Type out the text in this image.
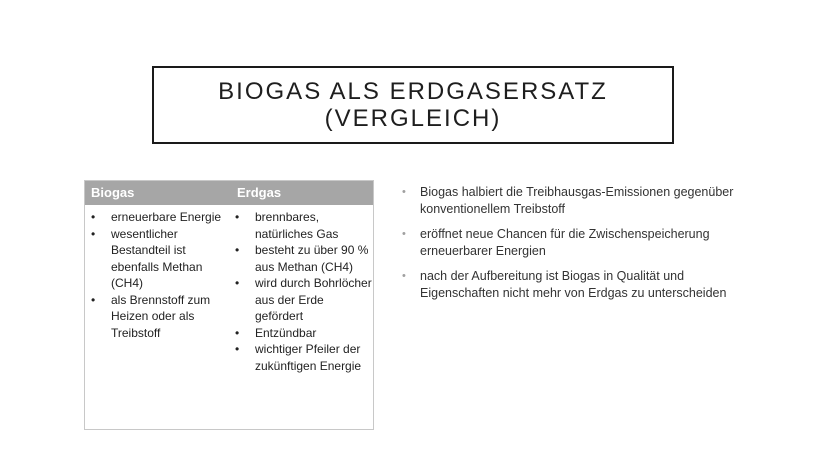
BIOGAS ALS ERDGASERSATZ
(VERGLEICH)
Biogas	Erdgas
• erneuerbare Energie
• wesentlicher Bestandteil ist ebenfalls Methan (CH4)
• als Brennstoff zum Heizen oder als Treibstoff
• brennbares, natürliches Gas
• besteht zu über 90 % aus Methan (CH4)
• wird durch Bohrlöcher aus der Erde gefördert
• Entzündbar
• wichtiger Pfeiler der zukünftigen Energie
• Biogas halbiert die Treibhausgas-Emissionen gegenüber konventionellem Treibstoff
• eröffnet neue Chancen für die Zwischenspeicherung erneuerbarer Energien
• nach der Aufbereitung ist Biogas in Qualität und Eigenschaften nicht mehr von Erdgas zu unterscheiden
